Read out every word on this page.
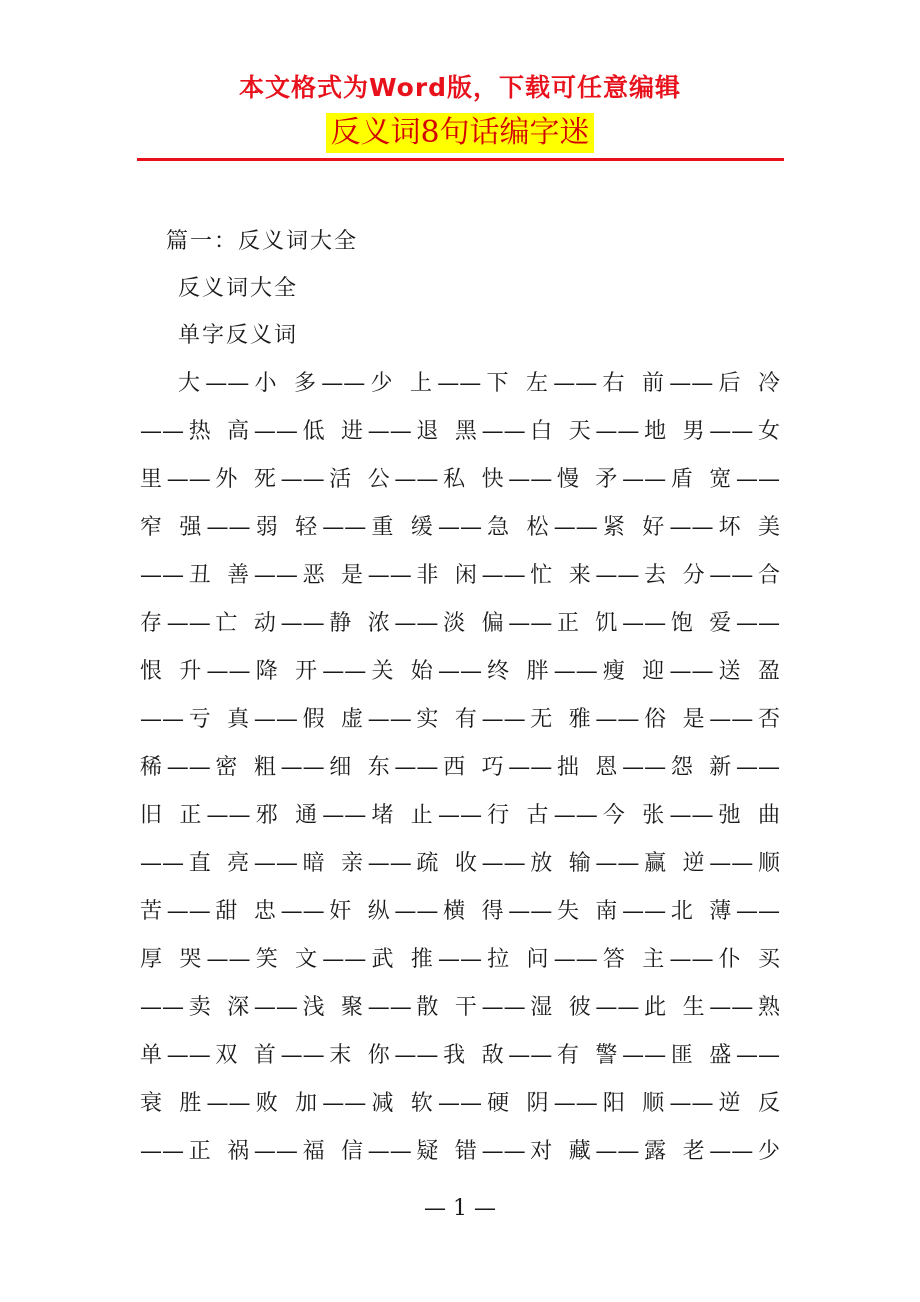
本文格式为Word版，下载可任意编辑
反义词8句话编字迷
篇一：反义词大全
反义词大全
单字反义词
大——小 多——少 上——下 左——右 前——后 冷
——热 高——低 进——退 黑——白 天——地 男——女
里——外 死——活 公——私 快——慢 矛——盾 宽——
窄 强——弱 轻——重 缓——急 松——紧 好——坏 美
——丑 善——恶 是——非 闲——忙 来——去 分——合
存——亡 动——静 浓——淡 偏——正 饥——饱 爱——
恨 升——降 开——关 始——终 胖——瘦 迎——送 盈
——亏 真——假 虚——实 有——无 雅——俗 是——否
稀——密 粗——细 东——西 巧——拙 恩——怨 新——
旧 正——邪 通——堵 止——行 古——今 张——弛 曲
——直 亮——暗 亲——疏 收——放 输——赢 逆——顺
苦——甜 忠——奸 纵——横 得——失 南——北 薄——
厚 哭——笑 文——武 推——拉 问——答 主——仆 买
——卖 深——浅 聚——散 干——湿 彼——此 生——熟
单——双 首——末 你——我 敌——有 警——匪 盛——
衰 胜——败 加——减 软——硬 阴——阳 顺——逆 反
——正 祸——福 信——疑 错——对 藏——露 老——少
— 1 —
